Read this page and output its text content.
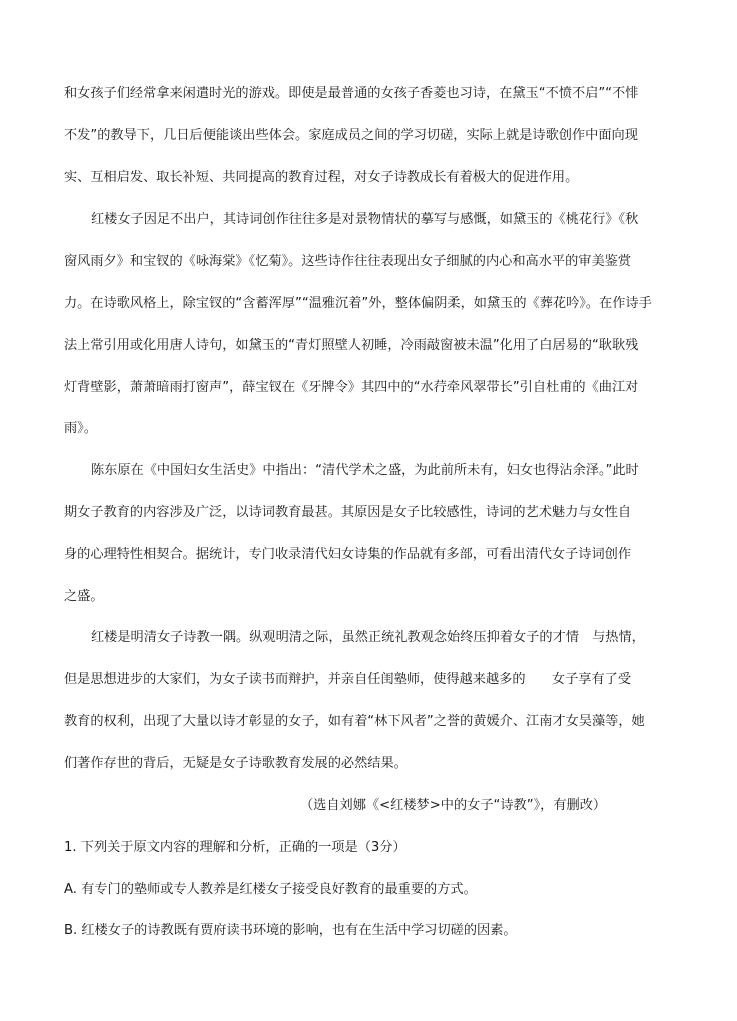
和女孩子们经常拿来闲遣时光的游戏。即使是最普通的女孩子香菱也习诗，在黛玉“不愤不启”“不悱
不发”的教导下，几日后便能谈出些体会。家庭成员之间的学习切磋，实际上就是诗歌创作中面向现
实、互相启发、取长补短、共同提高的教育过程，对女子诗教成长有着极大的促进作用。
红楼女子因足不出户，其诗词创作往往多是对景物情状的摹写与感慨，如黛玉的《桃花行》《秋
窗风雨夕》和宝钗的《咏海棠》《忆菊》。这些诗作往往表现出女子细腻的内心和高水平的审美鉴赏
力。在诗歌风格上，除宝钗的“含蓄浑厚”“温雅沉着”外，整体偏阴柔，如黛玉的《葬花吟》。在作诗手
法上常引用或化用唐人诗句，如黛玉的“青灯照壁人初睡，冷雨敲窗被未温”化用了白居易的“耿耿残
灯背壁影，萧萧暗雨打窗声”，薛宝钗在《牙牌令》其四中的“水荇牵风翠带长”引自杜甫的《曲江对
雨》。
陈东原在《中国妇女生活史》中指出：“清代学术之盛，为此前所未有，妇女也得沾余泽。”此时
期女子教育的内容涉及广泛，以诗词教育最甚。其原因是女子比较感性，诗词的艺术魅力与女性自
身的心理特性相契合。据统计，专门收录清代妇女诗集的作品就有多部，可看出清代女子诗词创作
之盛。
红楼是明清女子诗教一隅。纵观明清之际，虽然正统礼教观念始终压抑着女子的才情　与热情，
但是思想进步的大家们，为女子读书而辩护，并亲自任闺塾师，使得越来越多的　　女子享有了受
教育的权利，出现了大量以诗才彰显的女子，如有着“林下风者”之誉的黄媛介、江南才女吴藻等，她
们著作存世的背后，无疑是女子诗歌教育发展的必然结果。
（选自刘娜《<红楼梦>中的女子“诗教”》，有删改）
1. 下列关于原文内容的理解和分析，正确的一项是（3分）
A. 有专门的塾师或专人教养是红楼女子接受良好教育的最重要的方式。
B. 红楼女子的诗教既有贾府读书环境的影响，也有在生活中学习切磋的因素。
